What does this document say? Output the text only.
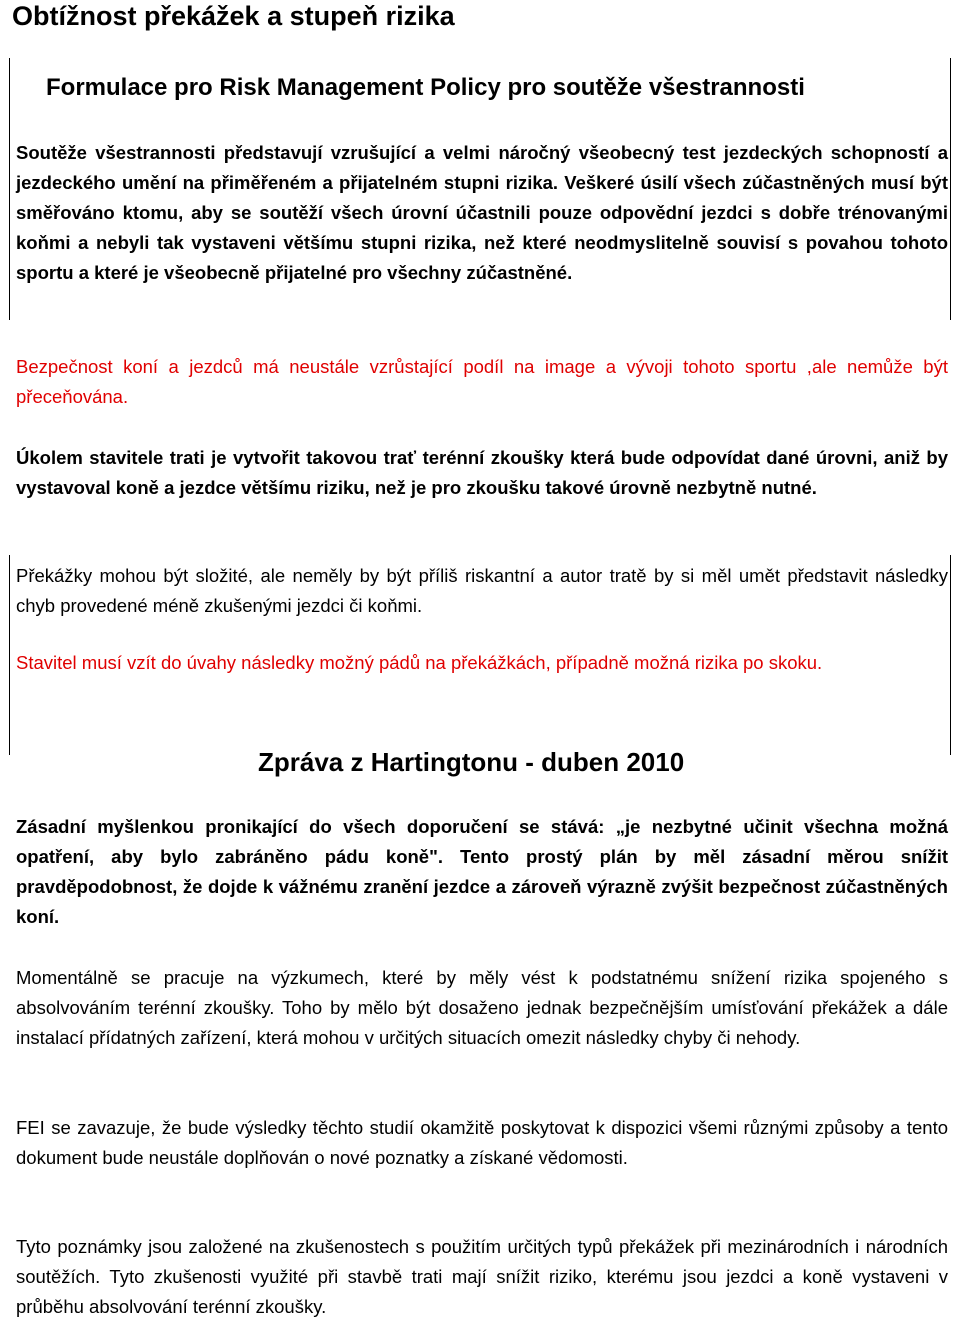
Obtížnost překážek a stupeň rizika
Formulace pro Risk Management Policy pro soutěže všestrannosti

Soutěže všestrannosti představují vzrušující a velmi náročný všeobecný test jezdeckých schopností a jezdeckého umění na přiměřeném a přijatelném stupni rizika. Veškeré úsilí všech zúčastněných musí být směřováno ktomu, aby se soutěží všech úrovní účastnili pouze odpovědní jezdci s dobře trénovanými koňmi a nebyli tak vystaveni většímu stupni rizika, než které neodmyslitelně souvisí s povahou tohoto sportu a které je všeobecně přijatelné pro všechny zúčastněné.

Bezpečnost koní a jezdců má neustále vzrůstající podíl na image a vývoji tohoto sportu ,ale nemůže být přeceňována.

Úkolem stavitele trati je vytvořit takovou trať terénní zkoušky která bude odpovídat dané úrovni, aniž by vystavoval koně a jezdce většímu riziku, než je pro zkoušku takové úrovně nezbytně nutné.

Překážky mohou být složité, ale neměly by být příliš riskantní a autor tratě by si měl umět představit následky chyb provedené méně zkušenými jezdci či koňmi.

Stavitel musí vzít do úvahy následky možný pádů na překážkách, případně možná rizika po skoku.

Zpráva z Hartingtonu - duben 2010

Zásadní myšlenkou pronikající do všech doporučení se stává: „je nezbytné učinit všechna možná opatření, aby bylo zabráněno pádu koně". Tento prostý plán by měl zásadní měrou snížit pravděpodobnost, že dojde k vážnému zranění jezdce a zároveň výrazně zvýšit bezpečnost zúčastněných koní.

Momentálně se pracuje na výzkumech, které by měly vést k podstatnému snížení rizika spojeného s absolvováním terénní zkoušky. Toho by mělo být dosaženo jednak bezpečnějším umísťování překážek a dále instalací přídatných zařízení, která mohou v určitých situacích omezit následky chyby či nehody.

FEI se zavazuje, že bude výsledky těchto studií okamžitě poskytovat k dispozici všemi různými způsoby a tento dokument bude neustále doplňován o nové poznatky a získané vědomosti.

Tyto poznámky jsou založené na zkušenostech s použitím určitých typů překážek při mezinárodních i národních soutěžích. Tyto zkušenosti využité při stavbě trati mají snížit riziko, kterému jsou jezdci a koně vystaveni v průběhu absolvování terénní zkoušky.
